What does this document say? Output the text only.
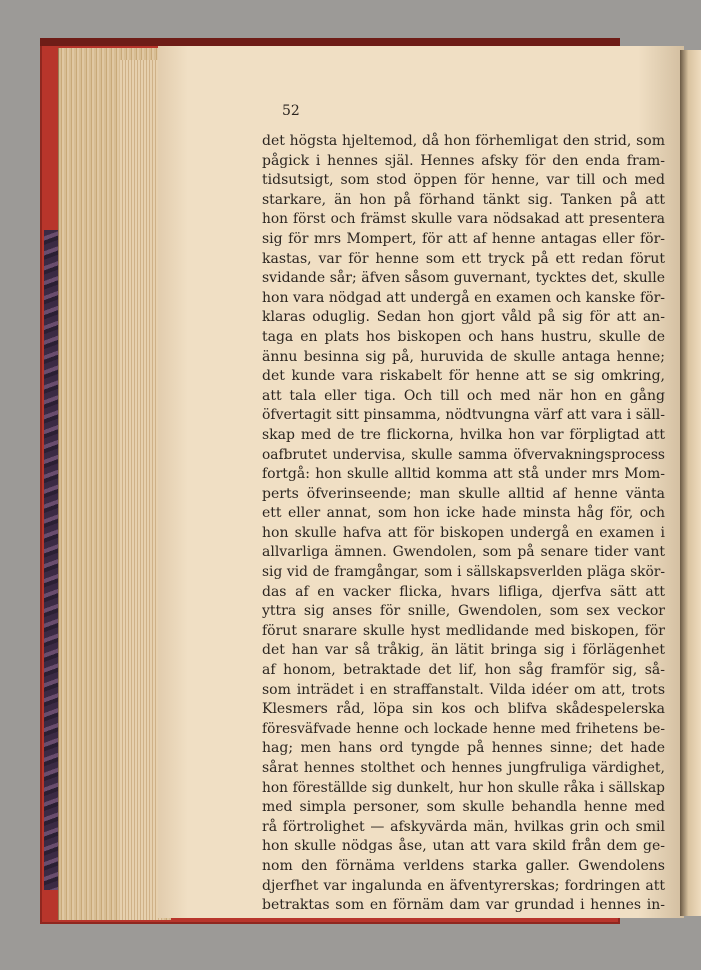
52
det högsta hjeltemod, då hon förhemligat den strid, som
pågick i hennes själ. Hennes afsky för den enda fram-
tidsutsigt, som stod öppen för henne, var till och med
starkare, än hon på förhand tänkt sig. Tanken på att
hon först och främst skulle vara nödsakad att presentera
sig för mrs Mompert, för att af henne antagas eller för-
kastas, var för henne som ett tryck på ett redan förut
svidande sår; äfven såsom guvernant, tycktes det, skulle
hon vara nödgad att undergå en examen och kanske för-
klaras oduglig. Sedan hon gjort våld på sig för att an-
taga en plats hos biskopen och hans hustru, skulle de
ännu besinna sig på, huruvida de skulle antaga henne;
det kunde vara riskabelt för henne att se sig omkring,
att tala eller tiga. Och till och med när hon en gång
öfvertagit sitt pinsamma, nödtvungna värf att vara i säll-
skap med de tre flickorna, hvilka hon var förpligtad att
oafbrutet undervisa, skulle samma öfvervakningsprocess
fortgå: hon skulle alltid komma att stå under mrs Mom-
perts öfverinseende; man skulle alltid af henne vänta
ett eller annat, som hon icke hade minsta håg för, och
hon skulle hafva att för biskopen undergå en examen i
allvarliga ämnen. Gwendolen, som på senare tider vant
sig vid de framgångar, som i sällskapsverlden pläga skör-
das af en vacker flicka, hvars lifliga, djerfva sätt att
yttra sig anses för snille, Gwendolen, som sex veckor
förut snarare skulle hyst medlidande med biskopen, för
det han var så tråkig, än lätit bringa sig i förlägenhet
af honom, betraktade det lif, hon såg framför sig, så-
som inträdet i en straffanstalt. Vilda idéer om att, trots
Klesmers råd, löpa sin kos och blifva skådespelerska
föresväfvade henne och lockade henne med frihetens be-
hag; men hans ord tyngde på hennes sinne; det hade
sårat hennes stolthet och hennes jungfruliga värdighet,
hon föreställde sig dunkelt, hur hon skulle råka i sällskap
med simpla personer, som skulle behandla henne med
rå förtrolighet — afskyvärda män, hvilkas grin och smil
hon skulle nödgas åse, utan att vara skild från dem ge-
nom den förnäma verldens starka galler. Gwendolens
djerfhet var ingalunda en äfventyrerskas; fordringen att
betraktas som en förnäm dam var grundad i hennes in-
